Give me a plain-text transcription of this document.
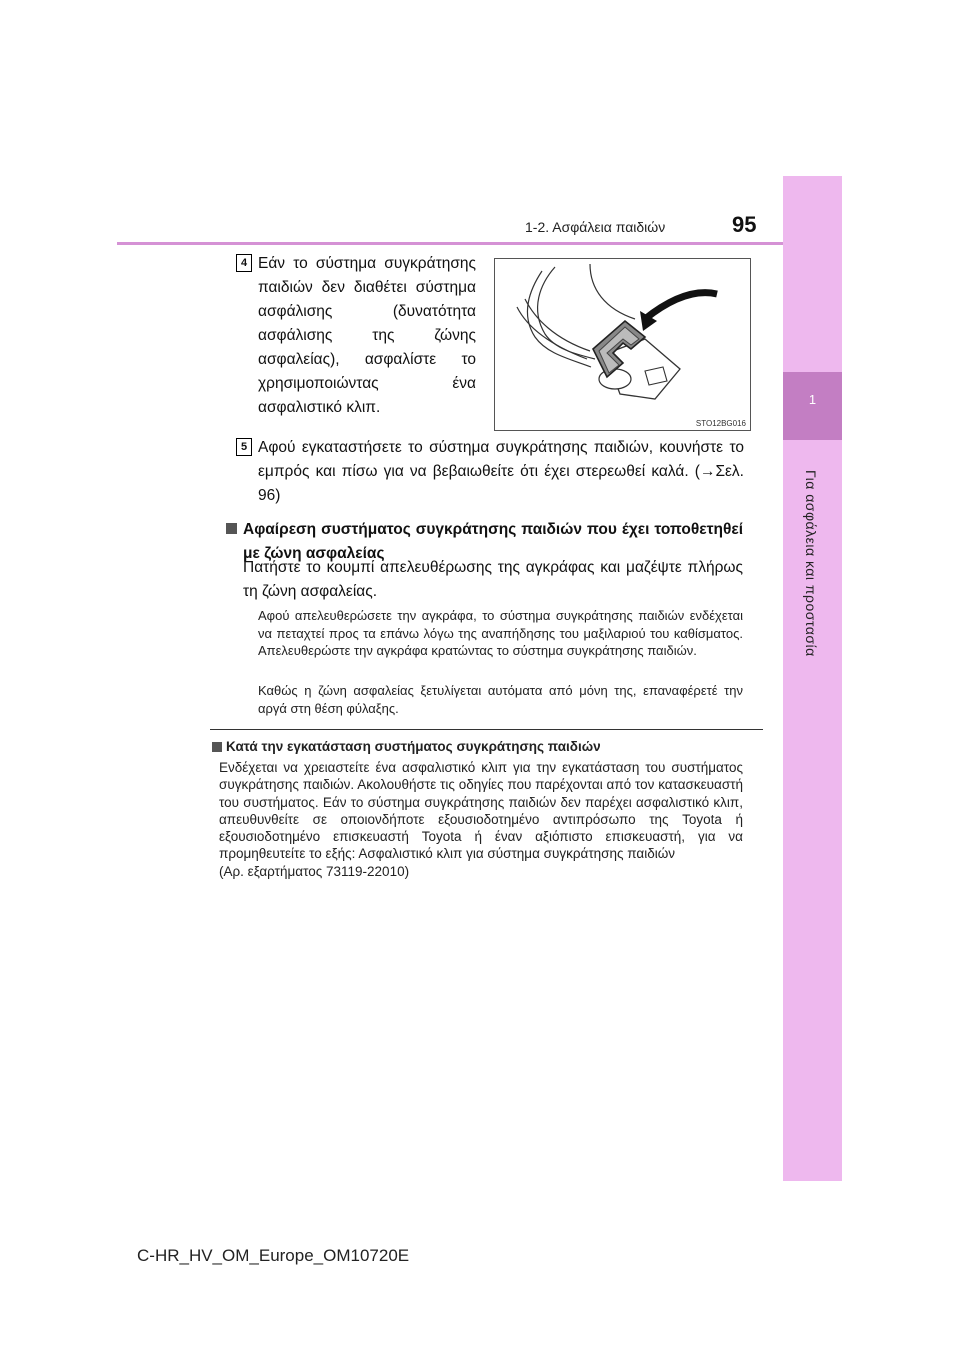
1
Για ασφάλεια και προστασία
1-2. Ασφάλεια παιδιών	95
4 Εάν το σύστημα συγκράτησης παιδιών δεν διαθέτει σύστημα ασφάλισης (δυνατότητα ασφάλισης της ζώνης ασφαλείας), ασφαλίστε το χρησιμοποιώντας ένα ασφαλιστικό κλιπ.
STO12BG016
5 Αφού εγκαταστήσετε το σύστημα συγκράτησης παιδιών, κουνήστε το εμπρός και πίσω για να βεβαιωθείτε ότι έχει στερεωθεί καλά. (→Σελ. 96)
Αφαίρεση συστήματος συγκράτησης παιδιών που έχει τοποθετηθεί με ζώνη ασφαλείας
Πατήστε το κουμπί απελευθέρωσης της αγκράφας και μαζέψτε πλήρως τη ζώνη ασφαλείας.
Αφού απελευθερώσετε την αγκράφα, το σύστημα συγκράτησης παιδιών ενδέχεται να πεταχτεί προς τα επάνω λόγω της αναπήδησης του μαξιλαριού του καθίσματος. Απελευθερώστε την αγκράφα κρατώντας το σύστημα συγκράτησης παιδιών.
Καθώς η ζώνη ασφαλείας ξετυλίγεται αυτόματα από μόνη της, επαναφέρετέ την αργά στη θέση φύλαξης.
Κατά την εγκατάσταση συστήματος συγκράτησης παιδιών
Ενδέχεται να χρειαστείτε ένα ασφαλιστικό κλιπ για την εγκατάσταση του συστήματος συγκράτησης παιδιών. Ακολουθήστε τις οδηγίες που παρέχονται από τον κατασκευαστή του συστήματος. Εάν το σύστημα συγκράτησης παιδιών δεν παρέχει ασφαλιστικό κλιπ, απευθυνθείτε σε οποιονδήποτε εξουσιοδοτημένο αντιπρόσωπο της Toyota ή εξουσιοδοτημένο επισκευαστή Toyota ή έναν αξιόπιστο επισκευαστή, για να προμηθευτείτε το εξής: Ασφαλιστικό κλιπ για σύστημα συγκράτησης παιδιών
(Αρ. εξαρτήματος 73119-22010)
C-HR_HV_OM_Europe_OM10720E
